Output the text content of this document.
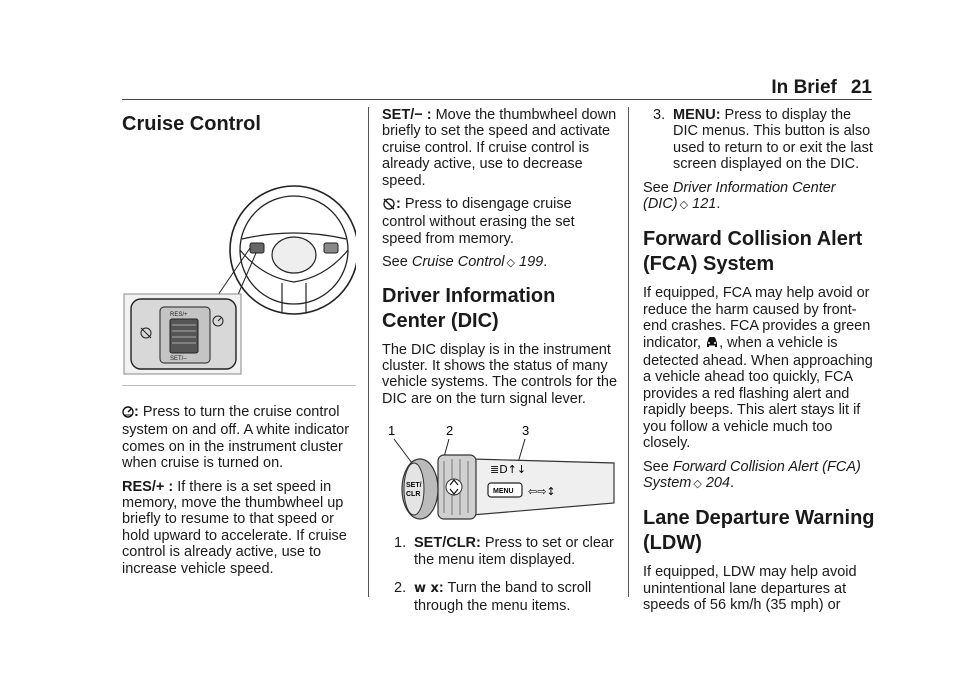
In Brief 21
Cruise Control
RES/+
SET/–

: Press to turn the cruise control system on and off. A white indicator comes on in the instrument cluster when cruise is turned on.

RES/+ : If there is a set speed in memory, move the thumbwheel up briefly to resume to that speed or hold upward to accelerate. If cruise control is already active, use to increase vehicle speed.

SET/− : Move the thumbwheel down briefly to set the speed and activate cruise control. If cruise control is already active, use to decrease speed.

: Press to disengage cruise control without erasing the set speed from memory.

See Cruise Control ◇ 199.

Driver Information Center (DIC)

The DIC display is in the instrument cluster. It shows the status of many vehicle systems. The controls for the DIC are on the turn signal lever.

1	2	3
SET/
CLR	MENU
≣D↑↓
⇦⇨↕
1. SET/CLR: Press to set or clear the menu item displayed.
2. w x: Turn the band to scroll through the menu items.
3. MENU: Press to display the DIC menus. This button is also used to return to or exit the last screen displayed on the DIC.

See Driver Information Center (DIC) ◇ 121.

Forward Collision Alert (FCA) System

If equipped, FCA may help avoid or reduce the harm caused by front-end crashes. FCA provides a green indicator, , when a vehicle is detected ahead. When approaching a vehicle ahead too quickly, FCA provides a red flashing alert and rapidly beeps. This alert stays lit if you follow a vehicle much too closely.

See Forward Collision Alert (FCA) System ◇ 204.

Lane Departure Warning (LDW)

If equipped, LDW may help avoid unintentional lane departures at speeds of 56 km/h (35 mph) or
